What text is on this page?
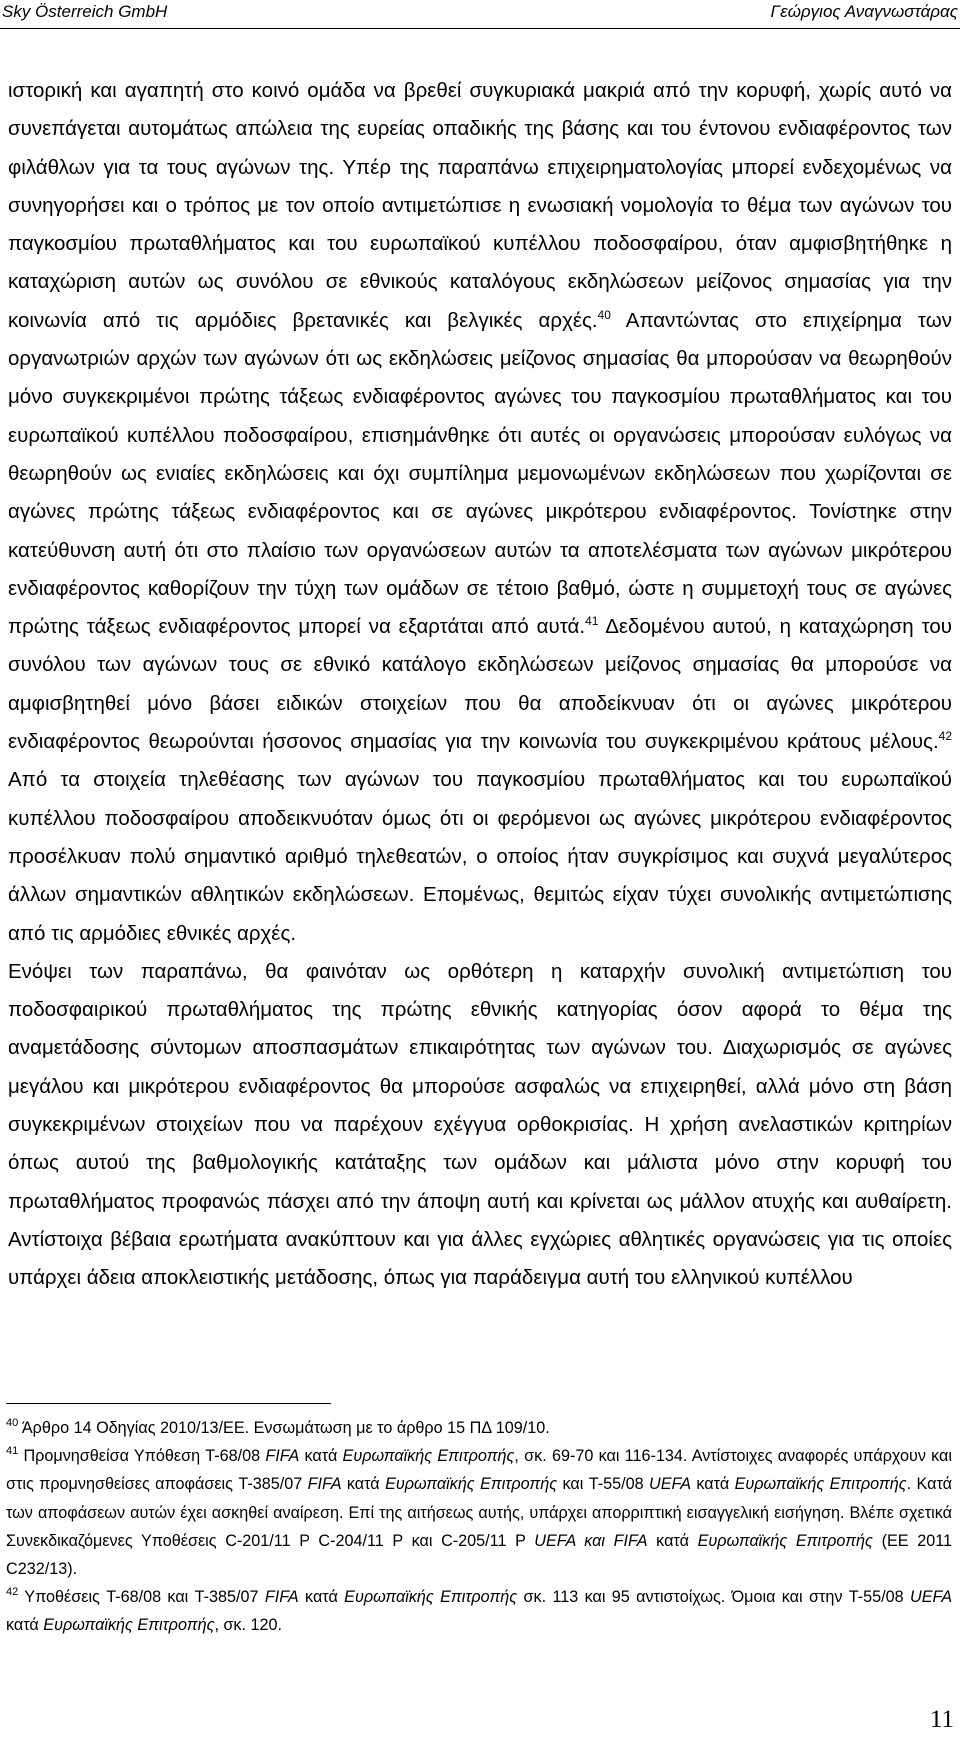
Sky Österreich GmbH	Γεώργιος Αναγνωστάρας

ιστορική και αγαπητή στο κοινό ομάδα να βρεθεί συγκυριακά μακριά από την κορυφή, χωρίς αυτό να συνεπάγεται αυτομάτως απώλεια της ευρείας οπαδικής της βάσης και του έντονου ενδιαφέροντος των φιλάθλων για τα τους αγώνων της. Υπέρ της παραπάνω επιχειρηματολογίας μπορεί ενδεχομένως να συνηγορήσει και ο τρόπος με τον οποίο αντιμετώπισε η ενωσιακή νομολογία το θέμα των αγώνων του παγκοσμίου πρωταθλήματος και του ευρωπαϊκού κυπέλλου ποδοσφαίρου, όταν αμφισβητήθηκε η καταχώριση αυτών ως συνόλου σε εθνικούς καταλόγους εκδηλώσεων μείζονος σημασίας για την κοινωνία από τις αρμόδιες βρετανικές και βελγικές αρχές.$^{40}$ Απαντώντας στο επιχείρημα των οργανωτριών αρχών των αγώνων ότι ως εκδηλώσεις μείζονος σημασίας θα μπορούσαν να θεωρηθούν μόνο συγκεκριμένοι πρώτης τάξεως ενδιαφέροντος αγώνες του παγκοσμίου πρωταθλήματος και του ευρωπαϊκού κυπέλλου ποδοσφαίρου, επισημάνθηκε ότι αυτές οι οργανώσεις μπορούσαν ευλόγως να θεωρηθούν ως ενιαίες εκδηλώσεις και όχι συμπίλημα μεμονωμένων εκδηλώσεων που χωρίζονται σε αγώνες πρώτης τάξεως ενδιαφέροντος και σε αγώνες μικρότερου ενδιαφέροντος. Τονίστηκε στην κατεύθυνση αυτή ότι στο πλαίσιο των οργανώσεων αυτών τα αποτελέσματα των αγώνων μικρότερου ενδιαφέροντος καθορίζουν την τύχη των ομάδων σε τέτοιο βαθμό, ώστε η συμμετοχή τους σε αγώνες πρώτης τάξεως ενδιαφέροντος μπορεί να εξαρτάται από αυτά.$^{41}$ Δεδομένου αυτού, η καταχώρηση του συνόλου των αγώνων τους σε εθνικό κατάλογο εκδηλώσεων μείζονος σημασίας θα μπορούσε να αμφισβητηθεί μόνο βάσει ειδικών στοιχείων που θα αποδείκνυαν ότι οι αγώνες μικρότερου ενδιαφέροντος θεωρούνται ήσσονος σημασίας για την κοινωνία του συγκεκριμένου κράτους μέλους.$^{42}$ Από τα στοιχεία τηλεθέασης των αγώνων του παγκοσμίου πρωταθλήματος και του ευρωπαϊκού κυπέλλου ποδοσφαίρου αποδεικνυόταν όμως ότι οι φερόμενοι ως αγώνες μικρότερου ενδιαφέροντος προσέλκυαν πολύ σημαντικό αριθμό τηλεθεατών, ο οποίος ήταν συγκρίσιμος και συχνά μεγαλύτερος άλλων σημαντικών αθλητικών εκδηλώσεων. Επομένως, θεμιτώς είχαν τύχει συνολικής αντιμετώπισης από τις αρμόδιες εθνικές αρχές.

Ενόψει των παραπάνω, θα φαινόταν ως ορθότερη η καταρχήν συνολική αντιμετώπιση του ποδοσφαιρικού πρωταθλήματος της πρώτης εθνικής κατηγορίας όσον αφορά το θέμα της αναμετάδοσης σύντομων αποσπασμάτων επικαιρότητας των αγώνων του. Διαχωρισμός σε αγώνες μεγάλου και μικρότερου ενδιαφέροντος θα μπορούσε ασφαλώς να επιχειρηθεί, αλλά μόνο στη βάση συγκεκριμένων στοιχείων που να παρέχουν εχέγγυα ορθοκρισίας. Η χρήση ανελαστικών κριτηρίων όπως αυτού της βαθμολογικής κατάταξης των ομάδων και μάλιστα μόνο στην κορυφή του πρωταθλήματος προφανώς πάσχει από την άποψη αυτή και κρίνεται ως μάλλον ατυχής και αυθαίρετη. Αντίστοιχα βέβαια ερωτήματα ανακύπτουν και για άλλες εγχώριες αθλητικές οργανώσεις για τις οποίες υπάρχει άδεια αποκλειστικής μετάδοσης, όπως για παράδειγμα αυτή του ελληνικού κυπέλλου

$^{40}$ Άρθρο 14 Οδηγίας 2010/13/ΕΕ. Ενσωμάτωση με το άρθρο 15 ΠΔ 109/10.

$^{41}$ Προμνησθείσα Υπόθεση T-68/08 FIFA κατά Ευρωπαϊκής Επιτροπής, σκ. 69-70 και 116-134. Αντίστοιχες αναφορές υπάρχουν και στις προμνησθείσες αποφάσεις T-385/07 FIFA κατά Ευρωπαϊκής Επιτροπής και T-55/08 UEFA κατά Ευρωπαϊκής Επιτροπής. Κατά των αποφάσεων αυτών έχει ασκηθεί αναίρεση. Επί της αιτήσεως αυτής, υπάρχει απορριπτική εισαγγελική εισήγηση. Βλέπε σχετικά Συνεκδικαζόμενες Υποθέσεις C-201/11 P C-204/11 P και C-205/11 P UEFA και FIFA κατά Ευρωπαϊκής Επιτροπής (ΕΕ 2011 C232/13).

$^{42}$ Υποθέσεις T-68/08 και T-385/07 FIFA κατά Ευρωπαϊκής Επιτροπής σκ. 113 και 95 αντιστοίχως. Όμοια και στην T-55/08 UEFA κατά Ευρωπαϊκής Επιτροπής, σκ. 120.

11
